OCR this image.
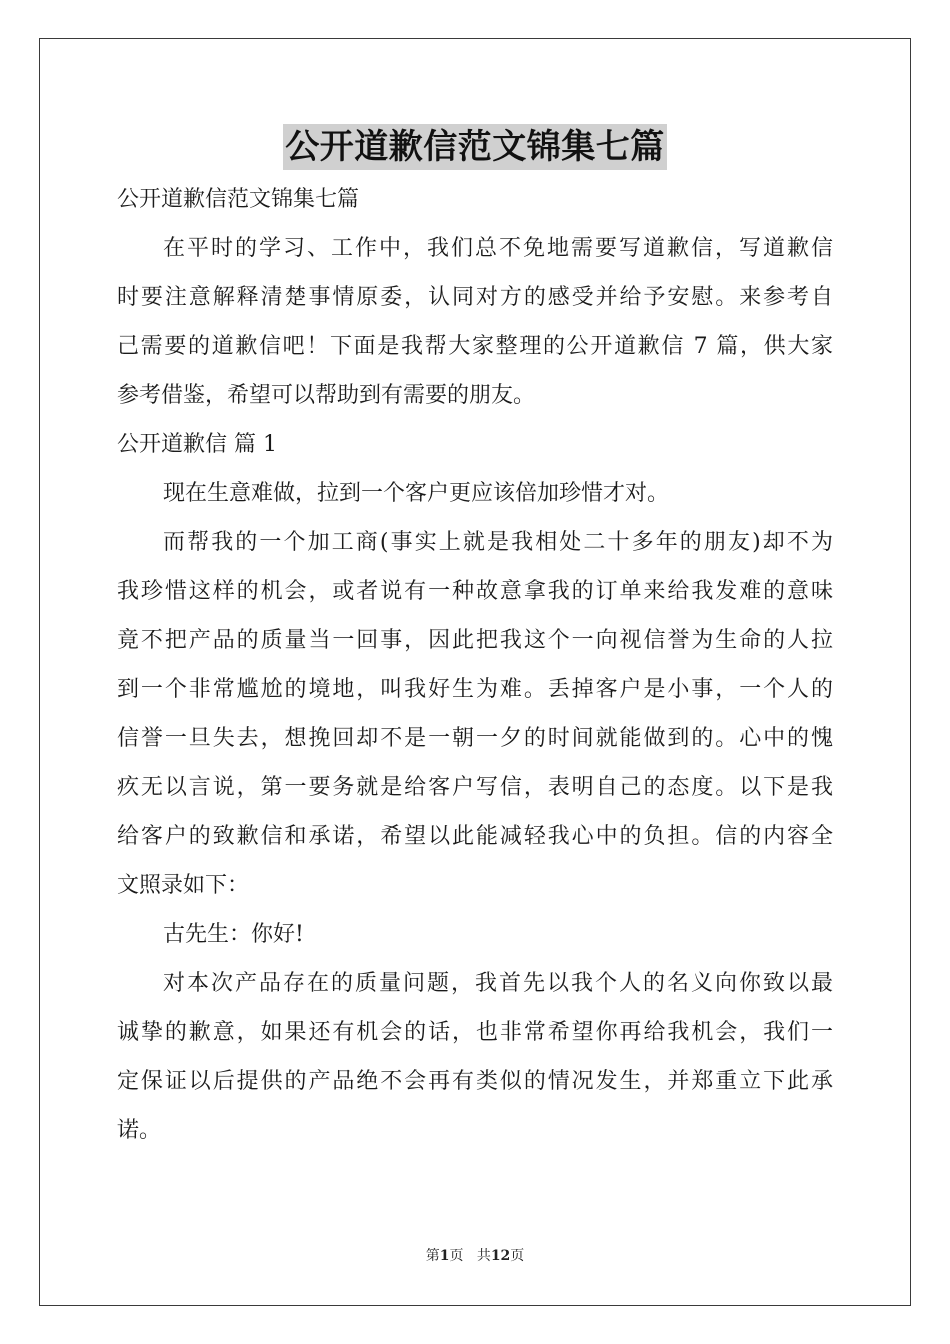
公开道歉信范文锦集七篇
公开道歉信范文锦集七篇
在平时的学习、工作中，我们总不免地需要写道歉信，写道歉信
时要注意解释清楚事情原委，认同对方的感受并给予安慰。来参考自
己需要的道歉信吧！下面是我帮大家整理的公开道歉信 7 篇，供大家
参考借鉴，希望可以帮助到有需要的朋友。
公开道歉信 篇 1
现在生意难做，拉到一个客户更应该倍加珍惜才对。
而帮我的一个加工商(事实上就是我相处二十多年的朋友)却不为
我珍惜这样的机会，或者说有一种故意拿我的订单来给我发难的意味
竟不把产品的质量当一回事，因此把我这个一向视信誉为生命的人拉
到一个非常尴尬的境地，叫我好生为难。丢掉客户是小事，一个人的
信誉一旦失去，想挽回却不是一朝一夕的时间就能做到的。心中的愧
疚无以言说，第一要务就是给客户写信，表明自己的态度。以下是我
给客户的致歉信和承诺，希望以此能减轻我心中的负担。信的内容全
文照录如下：
古先生：你好!
对本次产品存在的质量问题，我首先以我个人的名义向你致以最
诚挚的歉意，如果还有机会的话，也非常希望你再给我机会，我们一
定保证以后提供的产品绝不会再有类似的情况发生，并郑重立下此承
诺。
第1页 共12页
